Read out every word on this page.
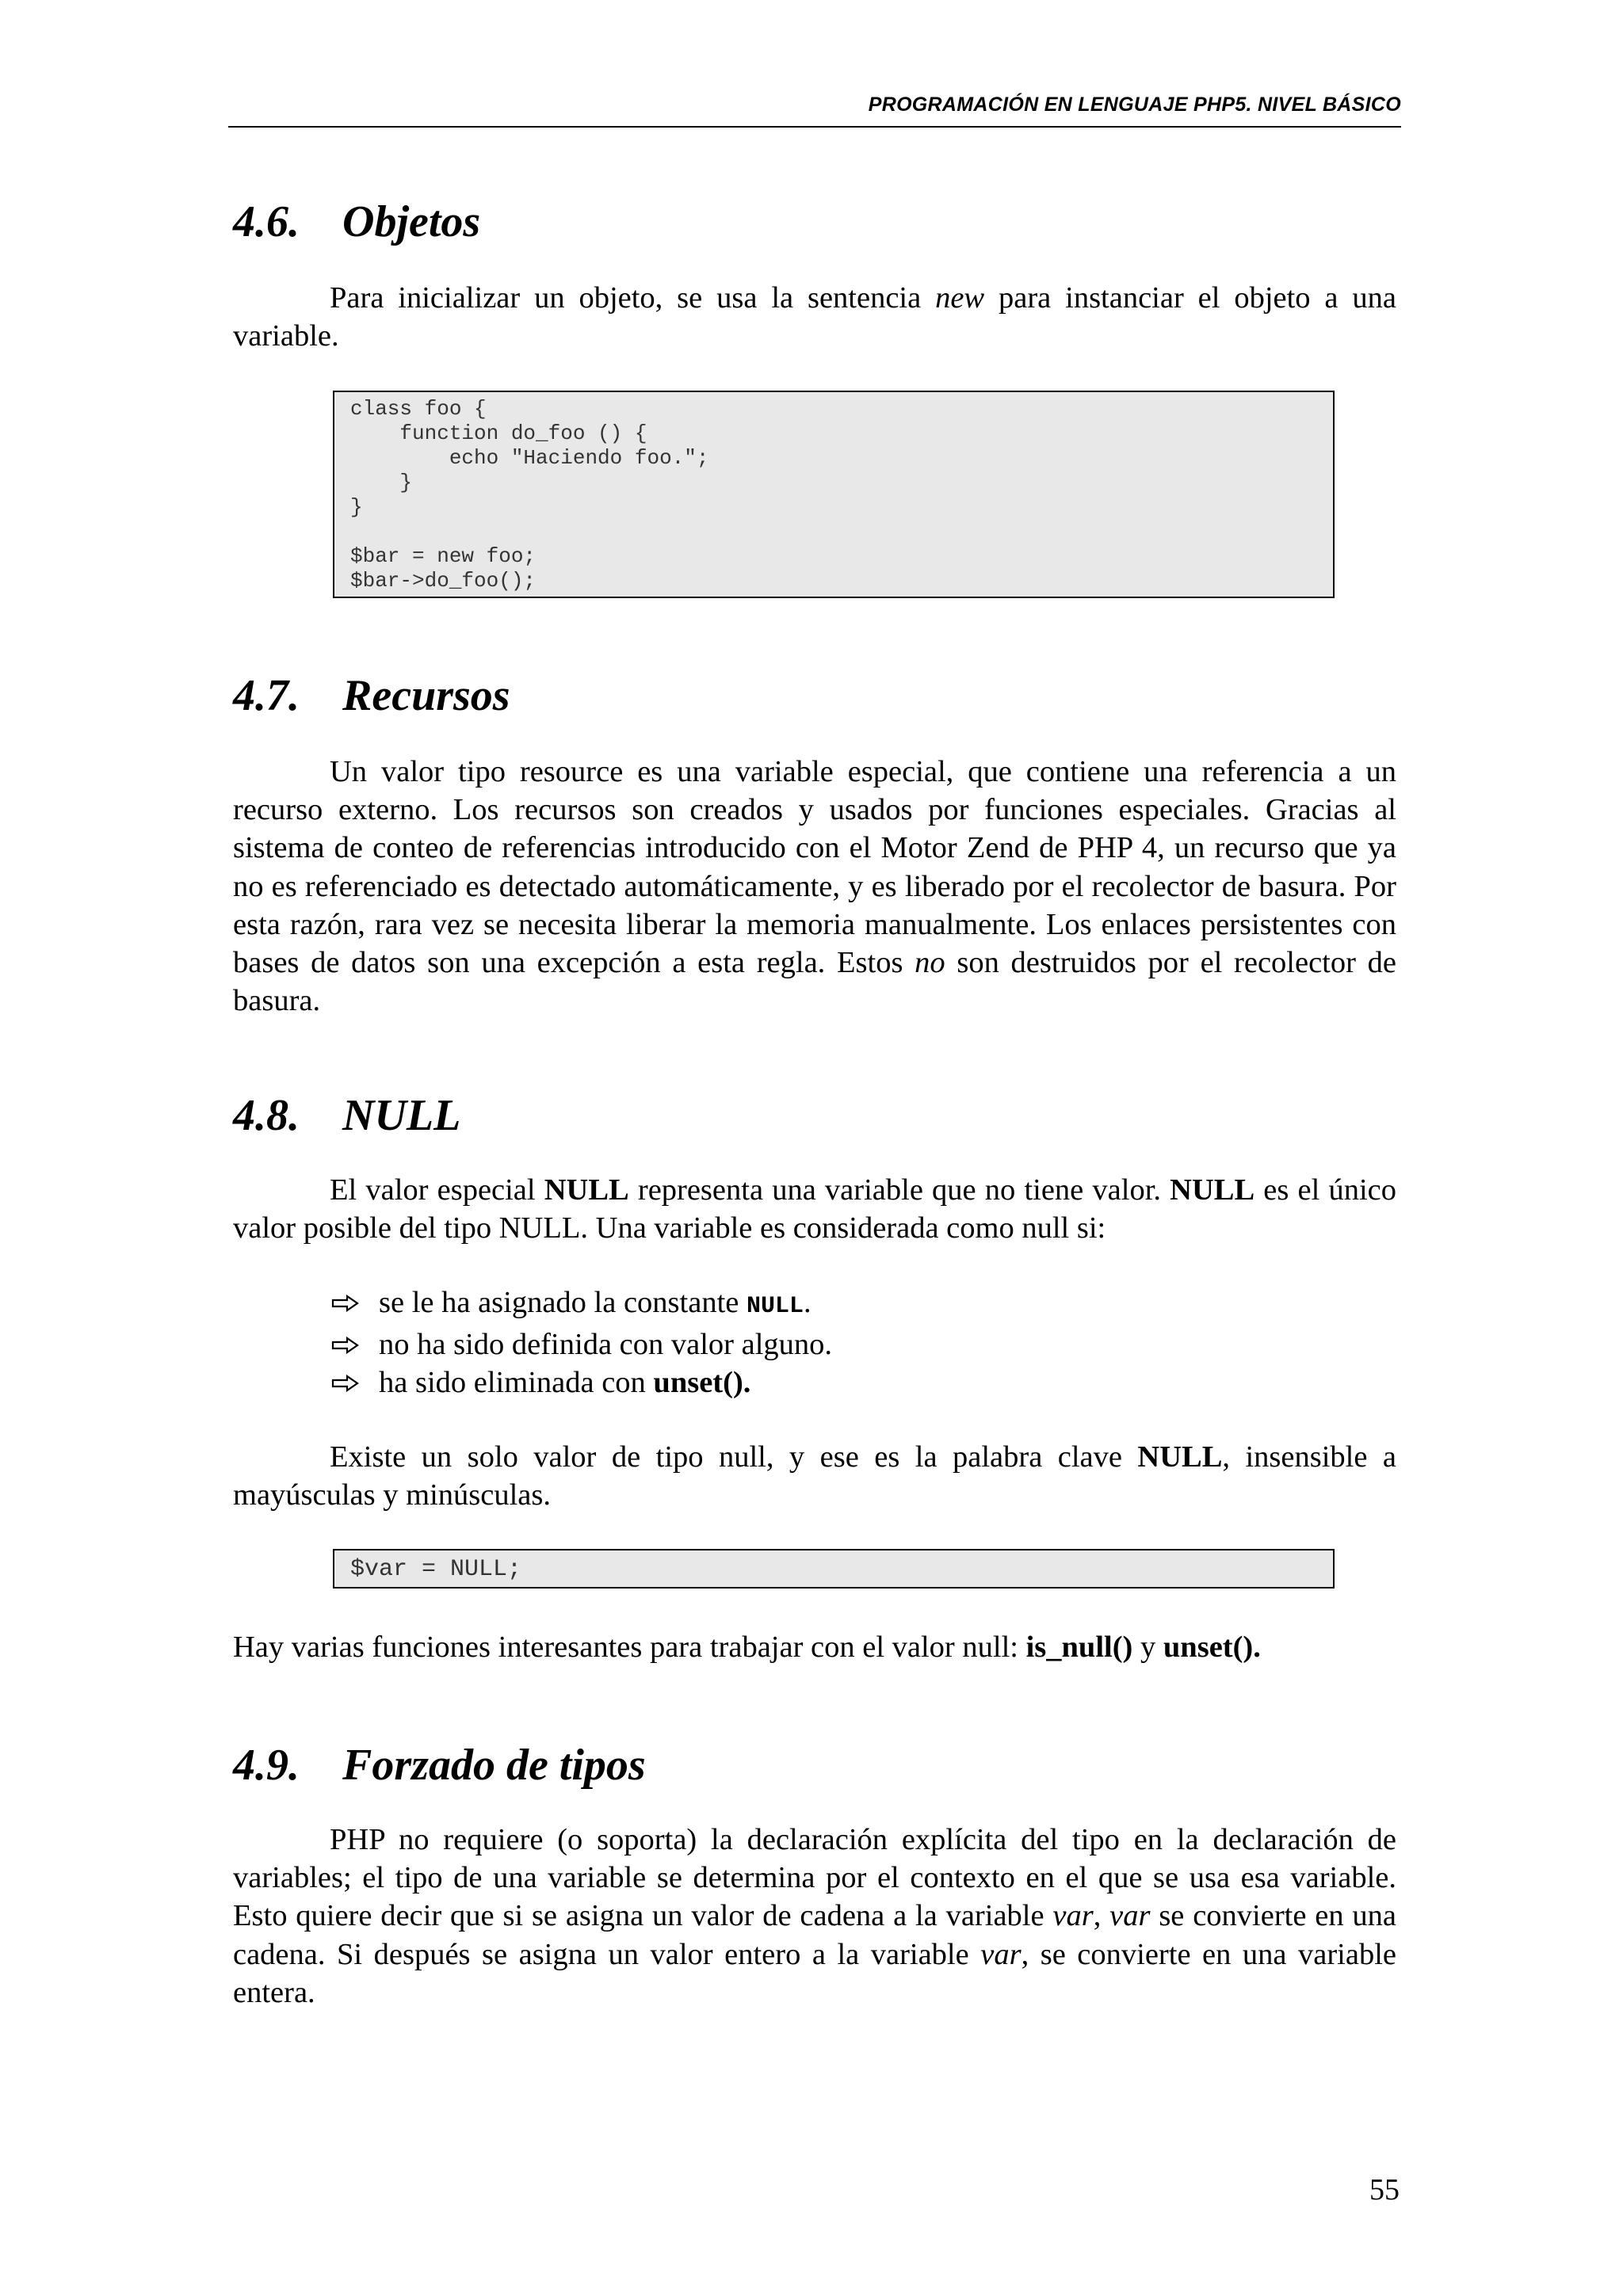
PROGRAMACIÓN EN LENGUAJE PHP5. NIVEL BÁSICO
4.6. Objetos

Para inicializar un objeto, se usa la sentencia new para instanciar el objeto a una variable.

class foo {
function do_foo () {
echo "Haciendo foo.";
}
}

$bar = new foo;
$bar->do_foo();
4.7. Recursos

Un valor tipo resource es una variable especial, que contiene una referencia a un recurso externo. Los recursos son creados y usados por funciones especiales. Gracias al sistema de conteo de referencias introducido con el Motor Zend de PHP 4, un recurso que ya no es referenciado es detectado automáticamente, y es liberado por el recolector de basura. Por esta razón, rara vez se necesita liberar la memoria manualmente. Los enlaces persistentes con bases de datos son una excepción a esta regla. Estos no son destruidos por el recolector de basura.

4.8. NULL

El valor especial NULL representa una variable que no tiene valor. NULL es el único valor posible del tipo NULL. Una variable es considerada como null si:

se le ha asignado la constante NULL.
no ha sido definida con valor alguno.
ha sido eliminada con unset().

Existe un solo valor de tipo null, y ese es la palabra clave NULL, insensible a mayúsculas y minúsculas.

$var = NULL;

Hay varias funciones interesantes para trabajar con el valor null: is_null() y unset().

4.9. Forzado de tipos

PHP no requiere (o soporta) la declaración explícita del tipo en la declaración de variables; el tipo de una variable se determina por el contexto en el que se usa esa variable. Esto quiere decir que si se asigna un valor de cadena a la variable var, var se convierte en una cadena. Si después se asigna un valor entero a la variable var, se convierte en una variable entera.

55
